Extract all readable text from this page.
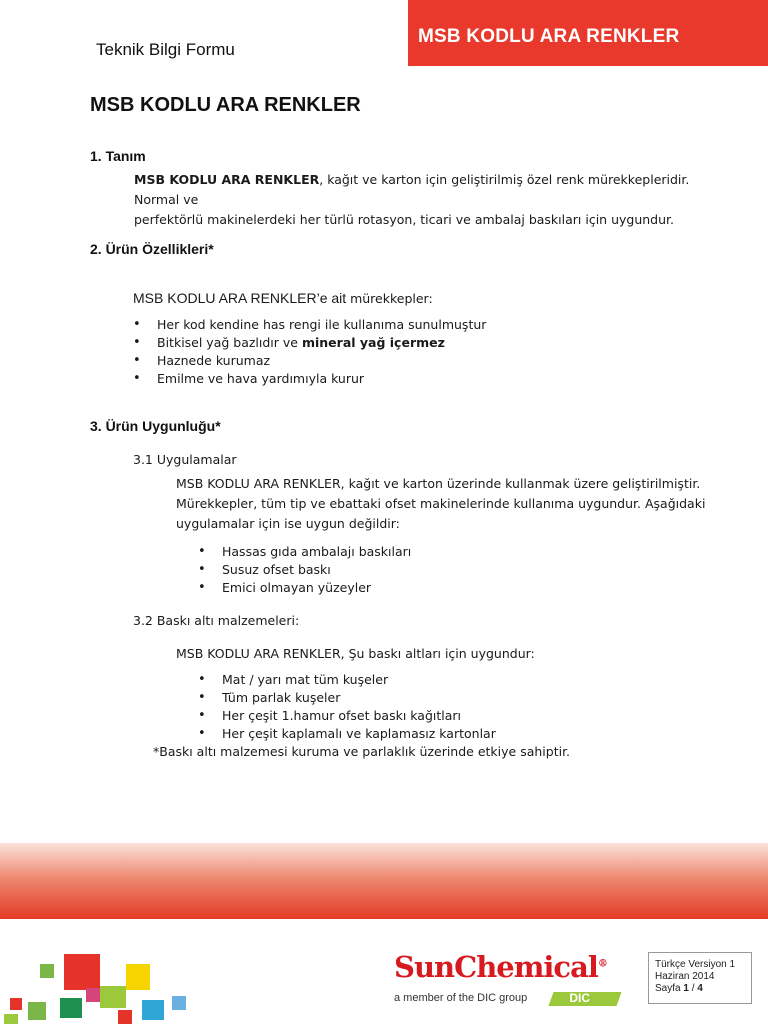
MSB KODLU ARA RENKLER
Teknik Bilgi Formu
MSB KODLU ARA RENKLER
1. Tanım
MSB KODLU ARA RENKLER, kağıt ve karton için geliştirilmiş özel renk mürekkepleridir. Normal ve
perfektörlü makinelerdeki her türlü rotasyon, ticari ve ambalaj baskıları için uygundur.
2. Ürün Özellikleri*
MSB KODLU ARA RENKLER’e ait mürekkepler:
• Her kod kendine has rengi ile kullanıma sunulmuştur
• Bitkisel yağ bazlıdır ve mineral yağ içermez
• Haznede kurumaz
• Emilme ve hava yardımıyla kurur
3. Ürün Uygunluğu*
3.1 Uygulamalar
MSB KODLU ARA RENKLER, kağıt ve karton üzerinde kullanmak üzere geliştirilmiştir.
Mürekkepler, tüm tip ve ebattaki ofset makinelerinde kullanıma uygundur. Aşağıdaki
uygulamalar için ise uygun değildir:
• Hassas gıda ambalajı baskıları
• Susuz ofset baskı
• Emici olmayan yüzeyler
3.2 Baskı altı malzemeleri:
MSB KODLU ARA RENKLER, Şu baskı altları için uygundur:
• Mat / yarı mat tüm kuşeler
• Tüm parlak kuşeler
• Her çeşit 1.hamur ofset baskı kağıtları
• Her çeşit kaplamalı ve kaplamasız kartonlar
*Baskı altı malzemesi kuruma ve parlaklık üzerinde etkiye sahiptir.
SunChemical®
a member of the DIC group	DIC
Türkçe Versiyon 1
Haziran 2014
Sayfa 1 / 4
